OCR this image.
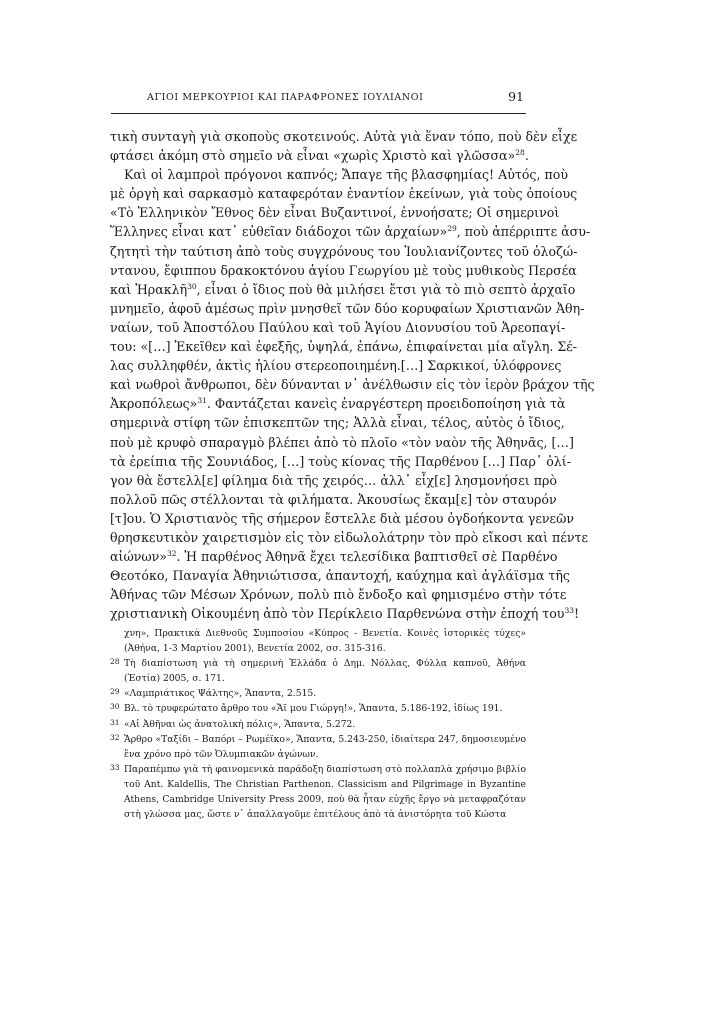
ΑΓΙΟΙ ΜΕΡΚΟΥΡΙΟΙ ΚΑΙ ΠΑΡΑΦΡΟΝΕΣ ΙΟΥΛΙΑΝΟΙ	91
τικὴ συνταγὴ γιὰ σκοποὺς σκοτεινούς. Αὐτὰ γιὰ ἕναν τόπο, ποὺ δὲν εἶχε
φτάσει ἀκόμη στὸ σημεῖο νὰ εἶναι «χωρὶς Χριστὸ καὶ γλῶσσα»$^{28}$.
Καὶ οἱ λαμπροὶ πρόγονοι καπνός; Ἄπαγε τῆς βλασφημίας! Αὐτός, ποὺ
μὲ ὀργὴ καὶ σαρκασμὸ καταφερόταν ἐναντίον ἐκείνων, γιὰ τοὺς ὁποίους
«Τὸ Ἑλληνικὸν Ἔθνος δὲν εἶναι Βυζαντινοί, ἐννοήσατε; Οἱ σημερινοὶ
Ἕλληνες εἶναι κατ᾽ εὐθεῖαν διάδοχοι τῶν ἀρχαίων»$^{29}$, ποὺ ἀπέρριπτε ἀσυ-
ζητητὶ τὴν ταύτιση ἀπὸ τοὺς συγχρόνους του Ἰουλιανίζοντες τοῦ ὁλοζώ-
ντανου, ἔφιππου δρακοκτόνου ἁγίου Γεωργίου μὲ τοὺς μυθικοὺς Περσέα
καὶ Ἡρακλῆ$^{30}$, εἶναι ὁ ἴδιος ποὺ θὰ μιλήσει ἔτσι γιὰ τὸ πιὸ σεπτὸ ἀρχαῖο
μνημεῖο, ἀφοῦ ἀμέσως πρὶν μνησθεῖ τῶν δύο κορυφαίων Χριστιανῶν Ἀθη-
ναίων, τοῦ Ἀποστόλου Παύλου καὶ τοῦ Ἁγίου Διονυσίου τοῦ Ἀρεοπαγί-
του: «[…] Ἐκεῖθεν καὶ ἐφεξῆς, ὑψηλά, ἐπάνω, ἐπιφαίνεται μία αἴγλη. Σέ-
λας συλληφθέν, ἀκτὶς ἡλίου στερεοποιημένη.[…] Σαρκικοί, ὑλόφρονες
καὶ νωθροὶ ἄνθρωποι, δὲν δύνανται ν᾽ ἀνέλθωσιν εἰς τὸν ἱερὸν βράχον τῆς
Ἀκροπόλεως»$^{31}$. Φαντάζεται κανεὶς ἐναργέστερη προειδοποίηση γιὰ τὰ
σημερινὰ στίφη τῶν ἐπισκεπτῶν της; Ἀλλὰ εἶναι, τέλος, αὐτὸς ὁ ἴδιος,
ποὺ μὲ κρυφὸ σπαραγμὸ βλέπει ἀπὸ τὸ πλοῖο «τὸν ναὸν τῆς Ἀθηνᾶς, […]
τὰ ἐρείπια τῆς Σουνιάδος, […] τοὺς κίονας τῆς Παρθένου […] Παρ᾽ ὀλί-
γον θὰ ἔστελλ[ε] φίλημα διὰ τῆς χειρός… ἀλλ᾽ εἶχ[ε] λησμονήσει πρὸ
πολλοῦ πῶς στέλλονται τὰ φιλήματα. Ἀκουσίως ἔκαμ[ε] τὸν σταυρόν
[τ]ου. Ὁ Χριστιανὸς τῆς σήμερον ἔστελλε διὰ μέσου ὀγδοήκοντα γενεῶν
θρησκευτικὸν χαιρετισμὸν εἰς τὸν εἰδωλολάτρην τὸν πρὸ εἴκοσι καὶ πέντε
αἰώνων»$^{32}$. Ἡ παρθένος Ἀθηνᾶ ἔχει τελεσίδικα βαπτισθεῖ σὲ Παρθένο
Θεοτόκο, Παναγία Ἀθηνιώτισσα, ἀπαντοχή, καύχημα καὶ ἀγλάϊσμα τῆς
Ἀθήνας τῶν Μέσων Χρόνων, πολὺ πιὸ ἔνδοξο καὶ φημισμένο στὴν τότε
χριστιανικὴ Οἰκουμένη ἀπὸ τὸν Περίκλειο Παρθενώνα στὴν ἐποχή του$^{33}$!
χνη», Πρακτικὰ Διεθνοῦς Συμποσίου «Κύπρος - Βενετία. Κοινὲς ἱστορικὲς τύχες»
(Ἀθήνα, 1-3 Μαρτίου 2001), Βενετία 2002, σσ. 315-316.
28 Τὴ διαπίστωση γιὰ τὴ σημερινὴ Ἑλλάδα ὁ Δημ. Νόλλας, Φύλλα καπνοῦ, Ἀθήνα
(Ἑστία) 2005, σ. 171.
29 «Λαμπριάτικος Ψάλτης», Ἅπαντα, 2.515.
30 Βλ. τὸ τρυφερώτατο ἄρθρο του «Ἄϊ μου Γιώργη!», Ἅπαντα, 5.186-192, ἰδίως 191.
31 «Αἱ Ἀθῆναι ὡς ἀνατολικὴ πόλις», Ἅπαντα, 5.272.
32 Ἄρθρο «Ταξίδι – Βαπόρι – Ρωμέϊκο», Ἅπαντα, 5.243-250, ἰδιαίτερα 247, δημοσιευμένο
ἕνα χρόνο πρὸ τῶν Ὀλυμπιακῶν ἀγώνων.
33 Παραπέμπω γιὰ τὴ φαινομενικὰ παράδοξη διαπίστωση στὸ πολλαπλὰ χρήσιμο βιβλίο
τοῦ Ant. Kaldellis, The Christian Parthenon. Classicism and Pilgrimage in Byzantine
Athens, Cambridge University Press 2009, ποὺ θὰ ἦταν εὐχῆς ἔργο νὰ μεταφραζόταν
στὴ γλώσσα μας, ὥστε ν᾽ ἀπαλλαγοῦμε ἐπιτέλους ἀπὸ τὰ ἀνιστόρητα τοῦ Κώστα
